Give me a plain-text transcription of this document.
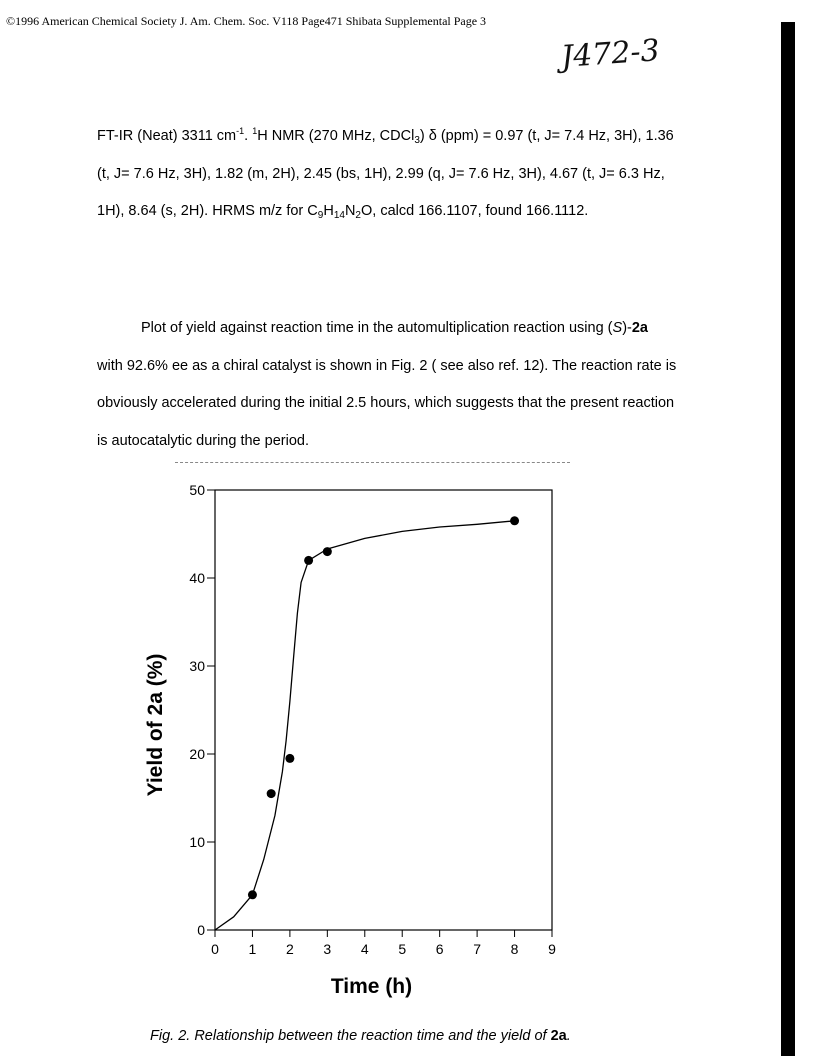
©1996 American Chemical Society J. Am. Chem. Soc. V118 Page471 Shibata Supplemental Page 3
J472-3
FT-IR (Neat) 3311 $cm^{-1}$. $^1$H NMR (270 MHz, CDCl$_3$) δ (ppm) = 0.97 (t, J= 7.4 Hz, 3H), 1.36 (t, J= 7.6 Hz, 3H), 1.82 (m, 2H), 2.45 (bs, 1H), 2.99 (q, J= 7.6 Hz, 3H), 4.67 (t, J= 6.3 Hz, 1H), 8.64 (s, 2H). HRMS m/z for $C_9H_{14}N_2O$, calcd 166.1107, found 166.1112.
Plot of yield against reaction time in the automultiplication reaction using (S)-2a with 92.6% ee as a chiral catalyst is shown in Fig. 2 ( see also ref. 12). The reaction rate is obviously accelerated during the initial 2.5 hours, which suggests that the present reaction is autocatalytic during the period.
0
10
20
30
40
50
0 1 2 3 4 5 6 7 8 9
Time (h)
Yield of 2a (%)
Fig. 2. Relationship between the reaction time and the yield of 2a.
